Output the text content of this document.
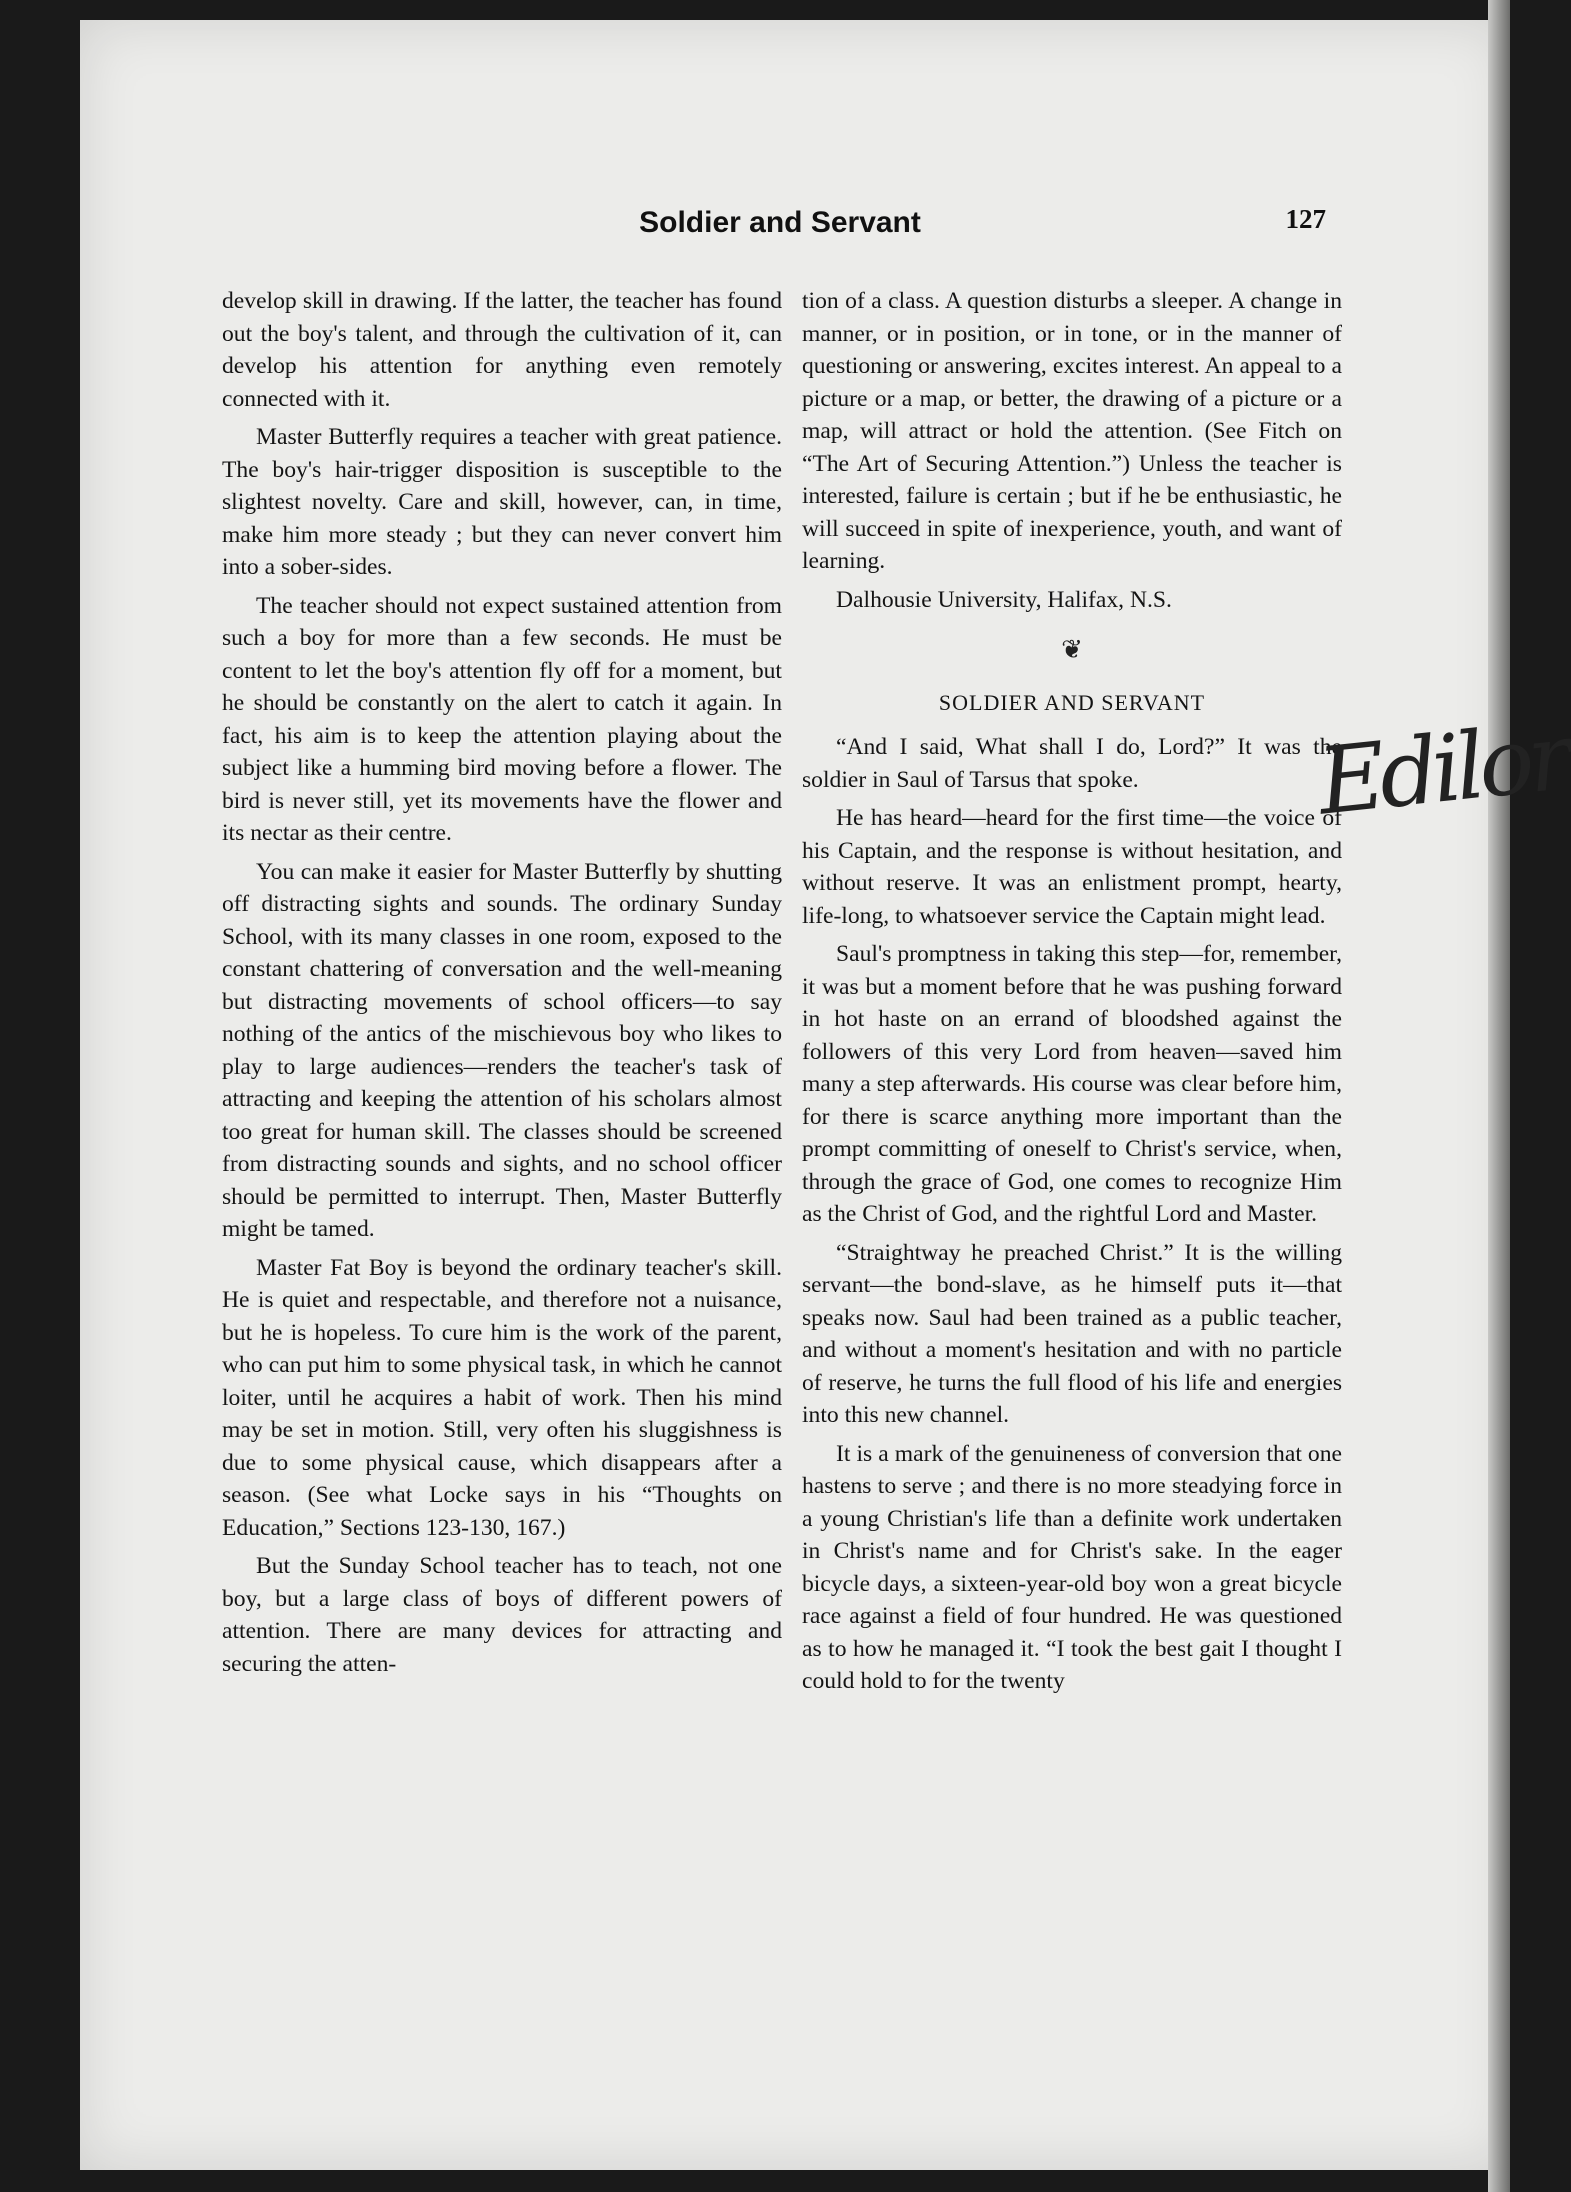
Soldier and Servant	127

develop skill in drawing. If the latter, the teacher has found out the boy's talent, and through the cultivation of it, can develop his attention for anything even remotely connected with it.

Master Butterfly requires a teacher with great patience. The boy's hair-trigger disposition is susceptible to the slightest novelty. Care and skill, however, can, in time, make him more steady ; but they can never convert him into a sober-sides.

The teacher should not expect sustained attention from such a boy for more than a few seconds. He must be content to let the boy's attention fly off for a moment, but he should be constantly on the alert to catch it again. In fact, his aim is to keep the attention playing about the subject like a humming bird moving before a flower. The bird is never still, yet its movements have the flower and its nectar as their centre.

You can make it easier for Master Butterfly by shutting off distracting sights and sounds. The ordinary Sunday School, with its many classes in one room, exposed to the constant chattering of conversation and the well-meaning but distracting movements of school officers—to say nothing of the antics of the mischievous boy who likes to play to large audiences—renders the teacher's task of attracting and keeping the attention of his scholars almost too great for human skill. The classes should be screened from distracting sounds and sights, and no school officer should be permitted to interrupt. Then, Master Butterfly might be tamed.

Master Fat Boy is beyond the ordinary teacher's skill. He is quiet and respectable, and therefore not a nuisance, but he is hopeless. To cure him is the work of the parent, who can put him to some physical task, in which he cannot loiter, until he acquires a habit of work. Then his mind may be set in motion. Still, very often his sluggishness is due to some physical cause, which disappears after a season. (See what Locke says in his “Thoughts on Education,” Sections 123-130, 167.)

But the Sunday School teacher has to teach, not one boy, but a large class of boys of different powers of attention. There are many devices for attracting and securing the atten-

tion of a class. A question disturbs a sleeper. A change in manner, or in position, or in tone, or in the manner of questioning or answering, excites interest. An appeal to a picture or a map, or better, the drawing of a picture or a map, will attract or hold the attention. (See Fitch on “The Art of Securing Attention.”) Unless the teacher is interested, failure is certain ; but if he be enthusiastic, he will succeed in spite of inexperience, youth, and want of learning.

Dalhousie University, Halifax, N.S.

❦
SOLDIER AND SERVANT

“And I said, What shall I do, Lord?” It was the soldier in Saul of Tarsus that spoke.

He has heard—heard for the first time—the voice of his Captain, and the response is without hesitation, and without reserve. It was an enlistment prompt, hearty, life-long, to whatsoever service the Captain might lead.

Saul's promptness in taking this step—for, remember, it was but a moment before that he was pushing forward in hot haste on an errand of bloodshed against the followers of this very Lord from heaven—saved him many a step afterwards. His course was clear before him, for there is scarce anything more important than the prompt committing of oneself to Christ's service, when, through the grace of God, one comes to recognize Him as the Christ of God, and the rightful Lord and Master.

“Straightway he preached Christ.” It is the willing servant—the bond-slave, as he himself puts it—that speaks now. Saul had been trained as a public teacher, and without a moment's hesitation and with no particle of reserve, he turns the full flood of his life and energies into this new channel.

It is a mark of the genuineness of conversion that one hastens to serve ; and there is no more steadying force in a young Christian's life than a definite work undertaken in Christ's name and for Christ's sake. In the eager bicycle days, a sixteen-year-old boy won a great bicycle race against a field of four hundred. He was questioned as to how he managed it. “I took the best gait I thought I could hold to for the twenty

Edilor
